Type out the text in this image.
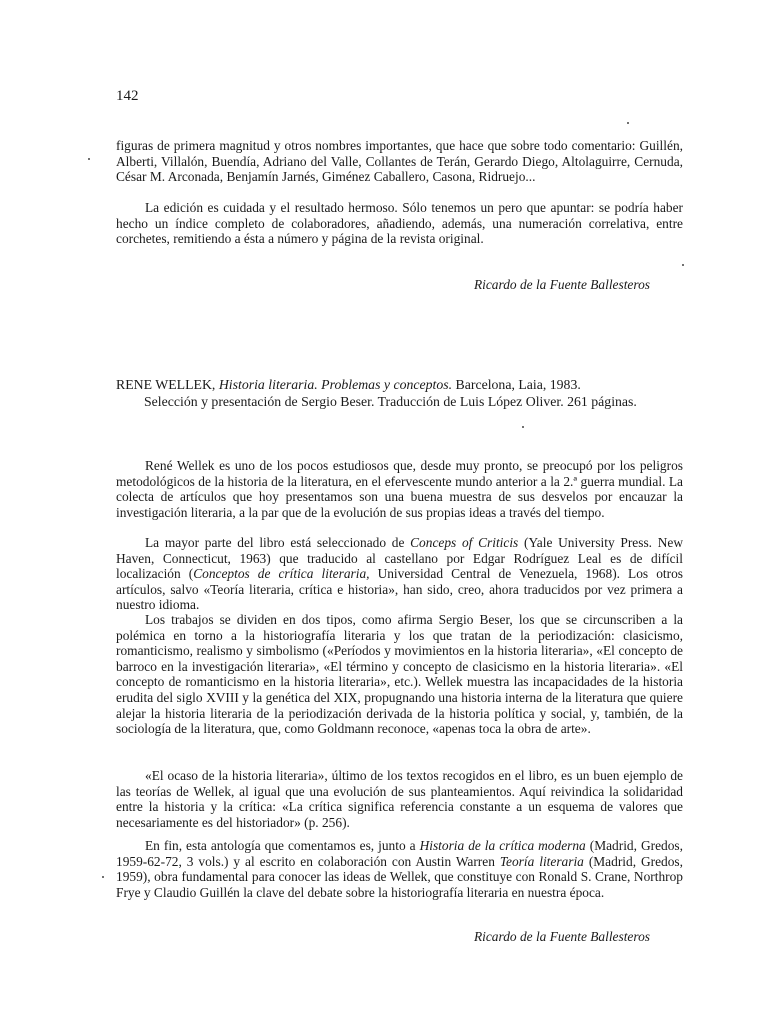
142

figuras de primera magnitud y otros nombres importantes, que hace que sobre todo comentario: Guillén, Alberti, Villalón, Buendía, Adriano del Valle, Collantes de Terán, Gerardo Diego, Altolaguirre, Cernuda, César M. Arconada, Benjamín Jarnés, Giménez Caballero, Casona, Ridruejo...

La edición es cuidada y el resultado hermoso. Sólo tenemos un pero que apuntar: se podría haber hecho un índice completo de colaboradores, añadiendo, además, una numeración correlativa, entre corchetes, remitiendo a ésta a número y página de la revista original.

Ricardo de la Fuente Ballesteros
RENE WELLEK, Historia literaria. Problemas y conceptos. Barcelona, Laia, 1983.
Selección y presentación de Sergio Beser. Traducción de Luis López Oliver. 261 páginas.

René Wellek es uno de los pocos estudiosos que, desde muy pronto, se preocupó por los peligros metodológicos de la historia de la literatura, en el efervescente mundo anterior a la 2.ª guerra mundial. La colecta de artículos que hoy presentamos son una buena muestra de sus desvelos por encauzar la investigación literaria, a la par que de la evolución de sus propias ideas a través del tiempo.

La mayor parte del libro está seleccionado de Conceps of Criticis (Yale University Press. New Haven, Connecticut, 1963) que traducido al castellano por Edgar Rodríguez Leal es de difícil localización (Conceptos de crítica literaria, Universidad Central de Venezuela, 1968). Los otros artículos, salvo «Teoría literaria, crítica e historia», han sido, creo, ahora traducidos por vez primera a nuestro idioma.

Los trabajos se dividen en dos tipos, como afirma Sergio Beser, los que se circunscriben a la polémica en torno a la historiografía literaria y los que tratan de la periodización: clasicismo, romanticismo, realismo y simbolismo («Períodos y movimientos en la historia literaria», «El concepto de barroco en la investigación literaria», «El término y concepto de clasicismo en la historia literaria». «El concepto de romanticismo en la historia literaria», etc.). Wellek muestra las incapacidades de la historia erudita del siglo XVIII y la genética del XIX, propugnando una historia interna de la literatura que quiere alejar la historia literaria de la periodización derivada de la historia política y social, y, también, de la sociología de la literatura, que, como Goldmann reconoce, «apenas toca la obra de arte».

«El ocaso de la historia literaria», último de los textos recogidos en el libro, es un buen ejemplo de las teorías de Wellek, al igual que una evolución de sus planteamientos. Aquí reivindica la solidaridad entre la historia y la crítica: «La crítica significa referencia constante a un esquema de valores que necesariamente es del historiador» (p. 256).

En fin, esta antología que comentamos es, junto a Historia de la crítica moderna (Madrid, Gredos, 1959-62-72, 3 vols.) y al escrito en colaboración con Austin Warren Teoría literaria (Madrid, Gredos, 1959), obra fundamental para conocer las ideas de Wellek, que constituye con Ronald S. Crane, Northrop Frye y Claudio Guillén la clave del debate sobre la historiografía literaria en nuestra época.

Ricardo de la Fuente Ballesteros
